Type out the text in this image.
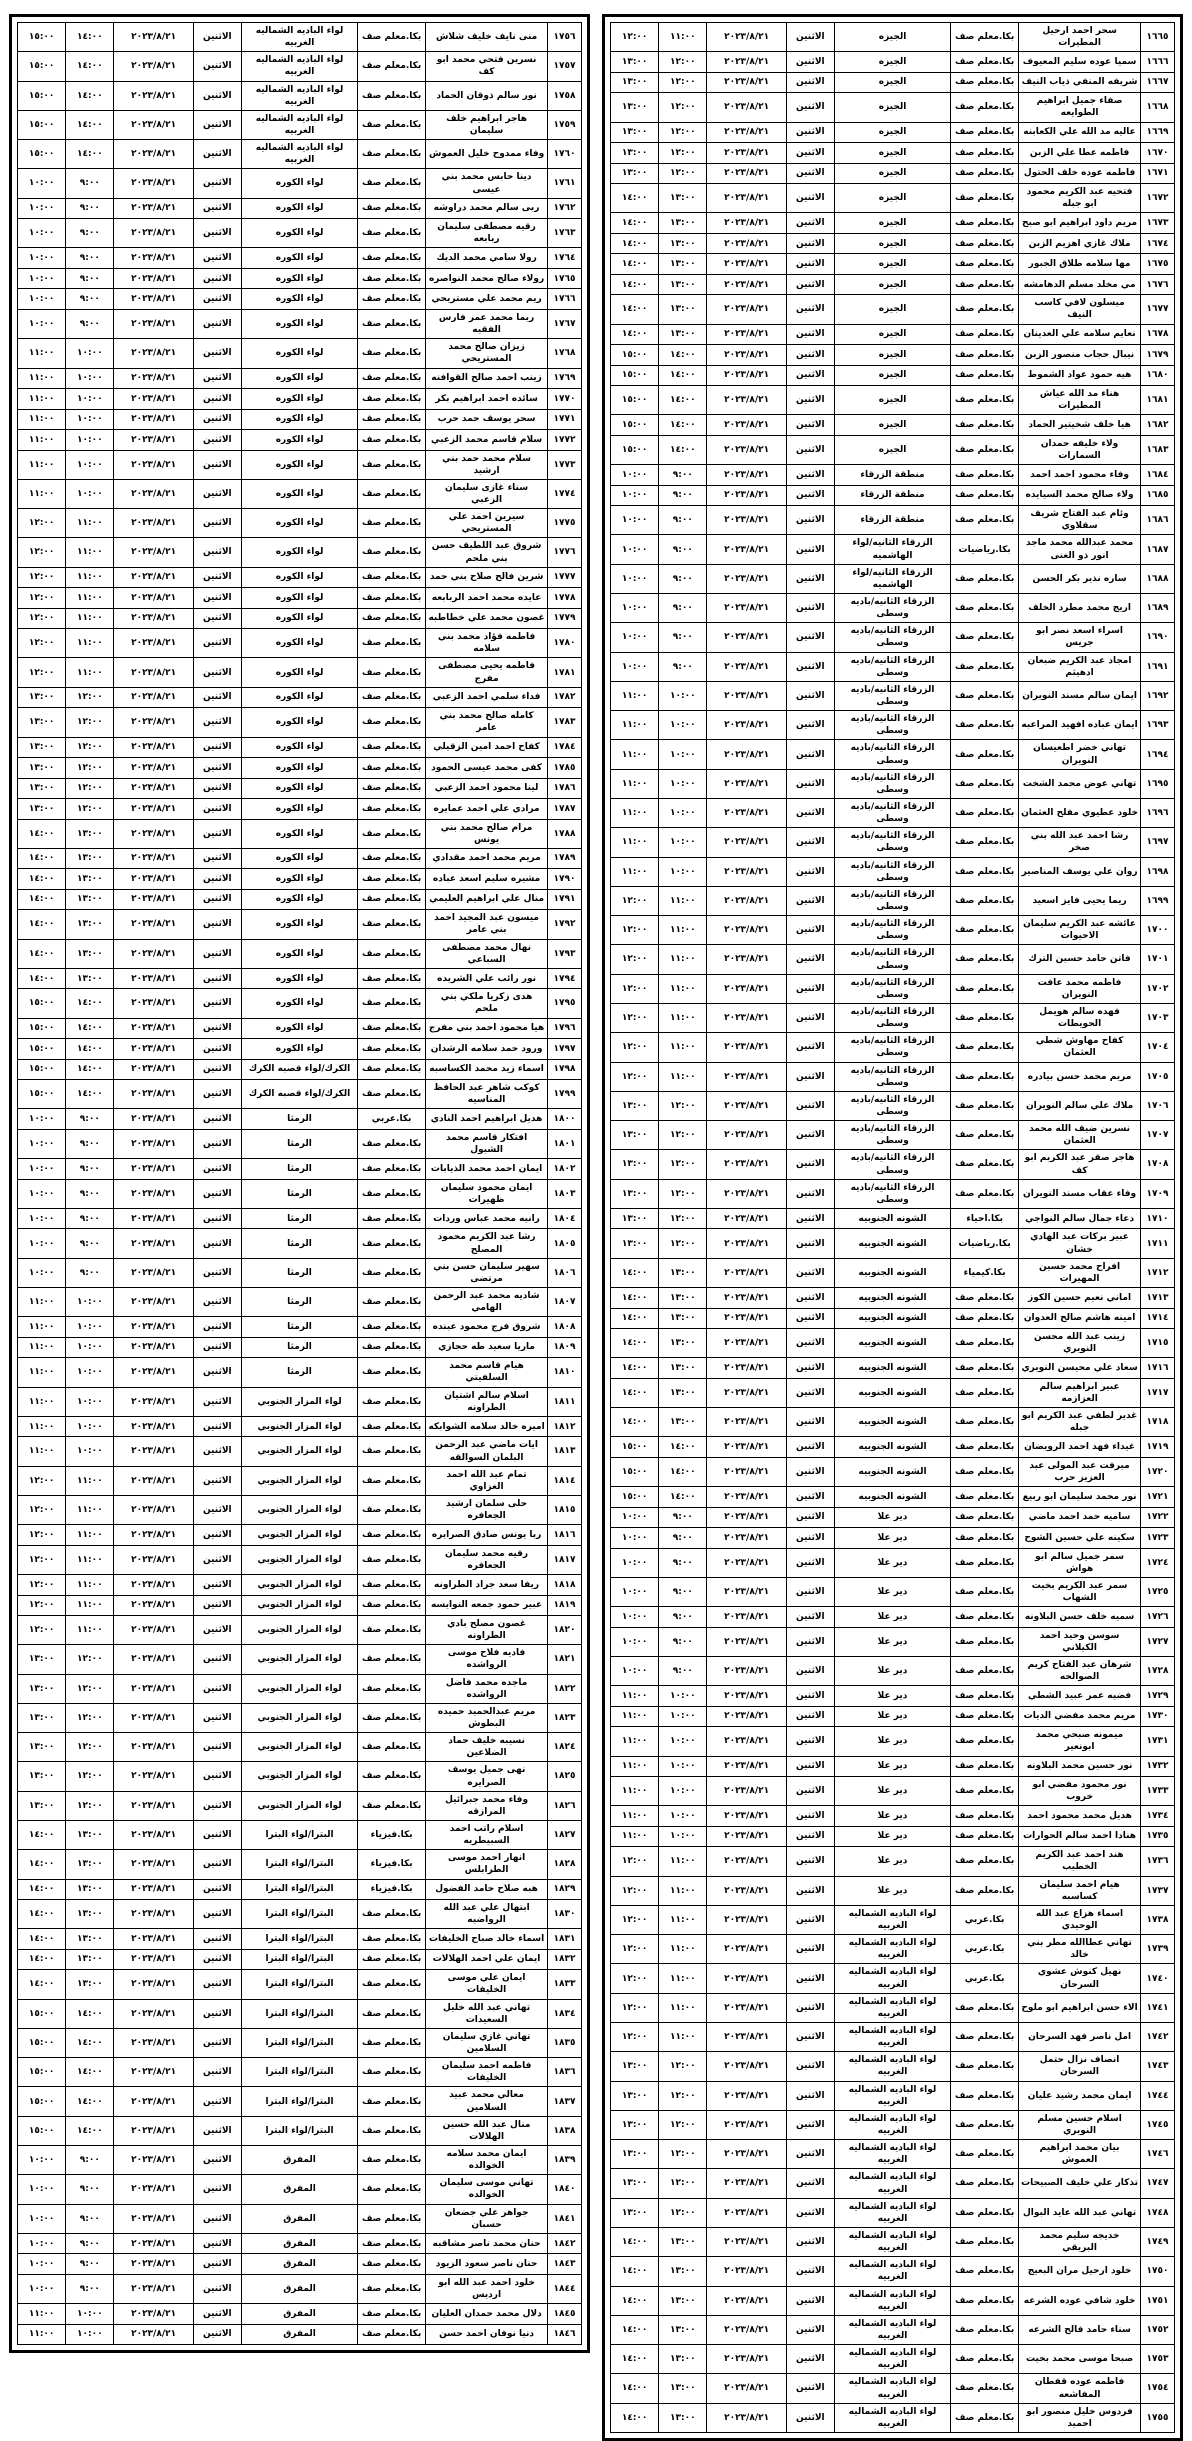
١٦٦٥	سحر احمد ارحيل المطيرات	بكا.معلم صف	الجيزه	الاثنين	٢٠٢٣/٨/٢١	١١:٠٠	١٢:٠٠
١٦٦٦	سميا عوده سليم المعيوف	بكا.معلم صف	الجيزه	الاثنين	٢٠٢٣/٨/٢١	١٢:٠٠	١٣:٠٠
١٦٦٧	شريفه المنفي ذياب النيف	بكا.معلم صف	الجيزه	الاثنين	٢٠٢٣/٨/٢١	١٢:٠٠	١٣:٠٠
١٦٦٨	صفاء جميل ابراهيم الطوايعه	بكا.معلم صف	الجيزه	الاثنين	٢٠٢٣/٨/٢١	١٢:٠٠	١٣:٠٠
١٦٦٩	عاليه مد الله علي الكعابنه	بكا.معلم صف	الجيزه	الاثنين	٢٠٢٣/٨/٢١	١٢:٠٠	١٣:٠٠
١٦٧٠	فاطمه عطا علي الزبن	بكا.معلم صف	الجيزه	الاثنين	٢٠٢٣/٨/٢١	١٢:٠٠	١٣:٠٠
١٦٧١	فاطمه عوده خلف الحتول	بكا.معلم صف	الجيزه	الاثنين	٢٠٢٣/٨/٢١	١٢:٠٠	١٣:٠٠
١٦٧٢	فتحيه عبد الكريم محمود ابو جبله	بكا.معلم صف	الجيزه	الاثنين	٢٠٢٣/٨/٢١	١٣:٠٠	١٤:٠٠
١٦٧٣	مريم داود ابراهيم ابو صبح	بكا.معلم صف	الجيزه	الاثنين	٢٠٢٣/٨/٢١	١٣:٠٠	١٤:٠٠
١٦٧٤	ملاك غازي اهزيم الزبن	بكا.معلم صف	الجيزه	الاثنين	٢٠٢٣/٨/٢١	١٣:٠٠	١٤:٠٠
١٦٧٥	مها سلامه طلاق الجبور	بكا.معلم صف	الجيزه	الاثنين	٢٠٢٣/٨/٢١	١٣:٠٠	١٤:٠٠
١٦٧٦	مي مخلد مسلم الدهامشه	بكا.معلم صف	الجيزه	الاثنين	٢٠٢٣/٨/٢١	١٣:٠٠	١٤:٠٠
١٦٧٧	ميسلون لافي كاسب النيف	بكا.معلم صف	الجيزه	الاثنين	٢٠٢٣/٨/٢١	١٣:٠٠	١٤:٠٠
١٦٧٨	نعايم سلامه علي العدينان	بكا.معلم صف	الجيزه	الاثنين	٢٠٢٣/٨/٢١	١٣:٠٠	١٤:٠٠
١٦٧٩	نيبال حجاب منصور الزبن	بكا.معلم صف	الجيزه	الاثنين	٢٠٢٣/٨/٢١	١٤:٠٠	١٥:٠٠
١٦٨٠	هيه حمود عواد الشموط	بكا.معلم صف	الجيزه	الاثنين	٢٠٢٣/٨/٢١	١٤:٠٠	١٥:٠٠
١٦٨١	هناء مد الله عياش المطيرات	بكا.معلم صف	الجيزه	الاثنين	٢٠٢٣/٨/٢١	١٤:٠٠	١٥:٠٠
١٦٨٢	هيا خلف شخيتير الحماد	بكا.معلم صف	الجيزه	الاثنين	٢٠٢٣/٨/٢١	١٤:٠٠	١٥:٠٠
١٦٨٣	ولاء خليفه حمدان السمارات	بكا.معلم صف	الجيزه	الاثنين	٢٠٢٣/٨/٢١	١٤:٠٠	١٥:٠٠
١٦٨٤	وفاء محمود احمد احمد	بكا.معلم صف	منطقة الزرقاء	الاثنين	٢٠٢٣/٨/٢١	٩:٠٠	١٠:٠٠
١٦٨٥	ولاء صالح محمد السيايده	بكا.معلم صف	منطقة الزرقاء	الاثنين	٢٠٢٣/٨/٢١	٩:٠٠	١٠:٠٠
١٦٨٦	وئام عبد الفتاح شريف سقلاوي	بكا.معلم صف	منطقة الزرقاء	الاثنين	٢٠٢٣/٨/٢١	٩:٠٠	١٠:٠٠
١٦٨٧	محمد عبدالله محمد ماجد انور ذو الغنى	بكا.رياضيات	الزرقاء الثانيه/لواء الهاشميه	الاثنين	٢٠٢٣/٨/٢١	٩:٠٠	١٠:٠٠
١٦٨٨	ساره نذير بكر الحسن	بكا.معلم صف	الزرقاء الثانيه/لواء الهاشميه	الاثنين	٢٠٢٣/٨/٢١	٩:٠٠	١٠:٠٠
١٦٨٩	اريج محمد مطرد الخلف	بكا.معلم صف	الزرقاء الثانيه/باديه وسطى	الاثنين	٢٠٢٣/٨/٢١	٩:٠٠	١٠:٠٠
١٦٩٠	اسراء اسعد نصر ابو جريس	بكا.معلم صف	الزرقاء الثانيه/باديه وسطى	الاثنين	٢٠٢٣/٨/٢١	٩:٠٠	١٠:٠٠
١٦٩١	امجاد عبد الكريم ضبعان ادهيثم	بكا.معلم صف	الزرقاء الثانيه/باديه وسطى	الاثنين	٢٠٢٣/٨/٢١	٩:٠٠	١٠:٠٠
١٦٩٢	ايمان سالم مسند النويران	بكا.معلم صف	الزرقاء الثانيه/باديه وسطى	الاثنين	٢٠٢٣/٨/٢١	١٠:٠٠	١١:٠٠
١٦٩٣	ايمان عباده افهيد المراعبه	بكا.معلم صف	الزرقاء الثانيه/باديه وسطى	الاثنين	٢٠٢٣/٨/٢١	١٠:٠٠	١١:٠٠
١٦٩٤	تهاني خضر اطعيسان النويران	بكا.معلم صف	الزرقاء الثانيه/باديه وسطى	الاثنين	٢٠٢٣/٨/٢١	١٠:٠٠	١١:٠٠
١٦٩٥	تهاني عوض محمد الشخت	بكا.معلم صف	الزرقاء الثانيه/باديه وسطى	الاثنين	٢٠٢٣/٨/٢١	١٠:٠٠	١١:٠٠
١٦٩٦	خلود عطيوي مفلح العثمان	بكا.معلم صف	الزرقاء الثانيه/باديه وسطى	الاثنين	٢٠٢٣/٨/٢١	١٠:٠٠	١١:٠٠
١٦٩٧	رشا احمد عبد الله بني صخر	بكا.معلم صف	الزرقاء الثانيه/باديه وسطى	الاثنين	٢٠٢٣/٨/٢١	١٠:٠٠	١١:٠٠
١٦٩٨	روان علي يوسف المناصير	بكا.معلم صف	الزرقاء الثانيه/باديه وسطى	الاثنين	٢٠٢٣/٨/٢١	١٠:٠٠	١١:٠٠
١٦٩٩	ريما يحيى فايز اسعيد	بكا.معلم صف	الزرقاء الثانيه/باديه وسطى	الاثنين	٢٠٢٣/٨/٢١	١١:٠٠	١٢:٠٠
١٧٠٠	عائشه عبد الكريم سليمان الاحيوات	بكا.معلم صف	الزرقاء الثانيه/باديه وسطى	الاثنين	٢٠٢٣/٨/٢١	١١:٠٠	١٢:٠٠
١٧٠١	فاتن حامد حسين الترك	بكا.معلم صف	الزرقاء الثانيه/باديه وسطى	الاثنين	٢٠٢٣/٨/٢١	١١:٠٠	١٢:٠٠
١٧٠٢	فاطمه محمد عافت النويران	بكا.معلم صف	الزرقاء الثانيه/باديه وسطى	الاثنين	٢٠٢٣/٨/٢١	١١:٠٠	١٢:٠٠
١٧٠٣	فهده سالم هويمل الحويطات	بكا.معلم صف	الزرقاء الثانيه/باديه وسطى	الاثنين	٢٠٢٣/٨/٢١	١١:٠٠	١٢:٠٠
١٧٠٤	كفاح مهاوش شطي العثمان	بكا.معلم صف	الزرقاء الثانيه/باديه وسطى	الاثنين	٢٠٢٣/٨/٢١	١١:٠٠	١٢:٠٠
١٧٠٥	مريم محمد حسن بيادره	بكا.معلم صف	الزرقاء الثانيه/باديه وسطى	الاثنين	٢٠٢٣/٨/٢١	١١:٠٠	١٢:٠٠
١٧٠٦	ملاك علي سالم النويران	بكا.معلم صف	الزرقاء الثانيه/باديه وسطى	الاثنين	٢٠٢٣/٨/٢١	١٢:٠٠	١٣:٠٠
١٧٠٧	نسرين ضيف الله محمد العثمان	بكا.معلم صف	الزرقاء الثانيه/باديه وسطى	الاثنين	٢٠٢٣/٨/٢١	١٢:٠٠	١٣:٠٠
١٧٠٨	هاجر صقر عبد الكريم ابو كف	بكا.معلم صف	الزرقاء الثانيه/باديه وسطى	الاثنين	٢٠٢٣/٨/٢١	١٢:٠٠	١٣:٠٠
١٧٠٩	وفاء عقاب مسند النويران	بكا.معلم صف	الزرقاء الثانيه/باديه وسطى	الاثنين	٢٠٢٣/٨/٢١	١٢:٠٠	١٣:٠٠
١٧١٠	دعاء جمال سالم النواجي	بكا.احياء	الشونه الجنوبيه	الاثنين	٢٠٢٣/٨/٢١	١٢:٠٠	١٣:٠٠
١٧١١	عبير بركات عبد الهادي خشان	بكا.رياضيات	الشونه الجنوبيه	الاثنين	٢٠٢٣/٨/٢١	١٢:٠٠	١٣:٠٠
١٧١٢	افراح محمد حسين المهيرات	بكا.كيمياء	الشونه الجنوبيه	الاثنين	٢٠٢٣/٨/٢١	١٣:٠٠	١٤:٠٠
١٧١٣	اماني نعيم حسين الكوز	بكا.معلم صف	الشونه الجنوبيه	الاثنين	٢٠٢٣/٨/٢١	١٣:٠٠	١٤:٠٠
١٧١٤	امينه هاشم صالح العدوان	بكا.معلم صف	الشونه الجنوبيه	الاثنين	٢٠٢٣/٨/٢١	١٣:٠٠	١٤:٠٠
١٧١٥	زينب عبد الله محسن النويري	بكا.معلم صف	الشونه الجنوبيه	الاثنين	٢٠٢٣/٨/٢١	١٣:٠٠	١٤:٠٠
١٧١٦	سعاد علي محيسن النويري	بكا.معلم صف	الشونه الجنوبيه	الاثنين	٢٠٢٣/٨/٢١	١٣:٠٠	١٤:٠٠
١٧١٧	عبير ابراهيم سالم العزازمه	بكا.معلم صف	الشونه الجنوبيه	الاثنين	٢٠٢٣/٨/٢١	١٣:٠٠	١٤:٠٠
١٧١٨	غدير لطفي عبد الكريم ابو جبله	بكا.معلم صف	الشونه الجنوبيه	الاثنين	٢٠٢٣/٨/٢١	١٣:٠٠	١٤:٠٠
١٧١٩	غيداء فهد احمد الرويضان	بكا.معلم صف	الشونه الجنوبيه	الاثنين	٢٠٢٣/٨/٢١	١٤:٠٠	١٥:٠٠
١٧٢٠	ميرفت عبد المولى عبد العزيز حرب	بكا.معلم صف	الشونه الجنوبيه	الاثنين	٢٠٢٣/٨/٢١	١٤:٠٠	١٥:٠٠
١٧٢١	نور محمد سليمان ابو ربيع	بكا.معلم صف	الشونه الجنوبيه	الاثنين	٢٠٢٣/٨/٢١	١٤:٠٠	١٥:٠٠
١٧٢٢	ساميه حمد احمد ماضي	بكا.معلم صف	دير علا	الاثنين	٢٠٢٣/٨/٢١	٩:٠٠	١٠:٠٠
١٧٢٣	سكينه علي حسين الشوح	بكا.معلم صف	دير علا	الاثنين	٢٠٢٣/٨/٢١	٩:٠٠	١٠:٠٠
١٧٢٤	سمر جميل سالم ابو هواش	بكا.معلم صف	دير علا	الاثنين	٢٠٢٣/٨/٢١	٩:٠٠	١٠:٠٠
١٧٢٥	سمر عبد الكريم بخيت الشهاب	بكا.معلم صف	دير علا	الاثنين	٢٠٢٣/٨/٢١	٩:٠٠	١٠:٠٠
١٧٢٦	سميه خلف حسن البلاونه	بكا.معلم صف	دير علا	الاثنين	٢٠٢٣/٨/٢١	٩:٠٠	١٠:٠٠
١٧٢٧	سوسن وحيد احمد الكيلاني	بكا.معلم صف	دير علا	الاثنين	٢٠٢٣/٨/٢١	٩:٠٠	١٠:٠٠
١٧٢٨	شرهان عبد الفتاح كريم الصوالحه	بكا.معلم صف	دير علا	الاثنين	٢٠٢٣/٨/٢١	٩:٠٠	١٠:٠٠
١٧٢٩	فضيه عمر عبيد الشطي	بكا.معلم صف	دير علا	الاثنين	٢٠٢٣/٨/٢١	١٠:٠٠	١١:٠٠
١٧٣٠	مريم محمد مفضي الديات	بكا.معلم صف	دير علا	الاثنين	٢٠٢٣/٨/٢١	١٠:٠٠	١١:٠٠
١٧٣١	ميمونه صبحي محمد ابونعير	بكا.معلم صف	دير علا	الاثنين	٢٠٢٣/٨/٢١	١٠:٠٠	١١:٠٠
١٧٣٢	نور حسين محمد البلاونه	بكا.معلم صف	دير علا	الاثنين	٢٠٢٣/٨/٢١	١٠:٠٠	١١:٠٠
١٧٣٣	نور محمود مفضي ابو خروب	بكا.معلم صف	دير علا	الاثنين	٢٠٢٣/٨/٢١	١٠:٠٠	١١:٠٠
١٧٣٤	هديل محمد محمود احمد	بكا.معلم صف	دير علا	الاثنين	٢٠٢٣/٨/٢١	١٠:٠٠	١١:٠٠
١٧٣٥	هنادا احمد سالم الحوارات	بكا.معلم صف	دير علا	الاثنين	٢٠٢٣/٨/٢١	١٠:٠٠	١١:٠٠
١٧٣٦	هند احمد عبد الكريم الخطيب	بكا.معلم صف	دير علا	الاثنين	٢٠٢٣/٨/٢١	١١:٠٠	١٢:٠٠
١٧٣٧	هيام احمد سليمان كساسبه	بكا.معلم صف	دير علا	الاثنين	٢٠٢٣/٨/٢١	١١:٠٠	١٢:٠٠
١٧٣٨	اسماء هزاع عبد الله الوحيدي	بكا.عربي	لواء الباديه الشماليه الغربيه	الاثنين	٢٠٢٣/٨/٢١	١١:٠٠	١٢:٠٠
١٧٣٩	تهاني عطاالله مطر بني خالد	بكا.عربي	لواء الباديه الشماليه الغربيه	الاثنين	٢٠٢٣/٨/٢١	١١:٠٠	١٢:٠٠
١٧٤٠	نهيل كنوش عشوي السرحان	بكا.عربي	لواء الباديه الشماليه الغربيه	الاثنين	٢٠٢٣/٨/٢١	١١:٠٠	١٢:٠٠
١٧٤١	الاء حسن ابراهيم ابو ملوح	بكا.معلم صف	لواء الباديه الشماليه الغربيه	الاثنين	٢٠٢٣/٨/٢١	١١:٠٠	١٢:٠٠
١٧٤٢	امل ناصر فهد السرحان	بكا.معلم صف	لواء الباديه الشماليه الغربيه	الاثنين	٢٠٢٣/٨/٢١	١١:٠٠	١٢:٠٠
١٧٤٣	انصاف نزال حتمل السرحان	بكا.معلم صف	لواء الباديه الشماليه الغربيه	الاثنين	٢٠٢٣/٨/٢١	١٢:٠٠	١٣:٠٠
١٧٤٤	ايمان محمد رشيد عليان	بكا.معلم صف	لواء الباديه الشماليه الغربيه	الاثنين	٢٠٢٣/٨/٢١	١٢:٠٠	١٣:٠٠
١٧٤٥	اسلام حسين مسلم النويري	بكا.معلم صف	لواء الباديه الشماليه الغربيه	الاثنين	٢٠٢٣/٨/٢١	١٢:٠٠	١٣:٠٠
١٧٤٦	بيان محمد ابراهيم العموش	بكا.معلم صف	لواء الباديه الشماليه الغربيه	الاثنين	٢٠٢٣/٨/٢١	١٢:٠٠	١٣:٠٠
١٧٤٧	تذكار علي خليف الصبيحات	بكا.معلم صف	لواء الباديه الشماليه الغربيه	الاثنين	٢٠٢٣/٨/٢١	١٢:٠٠	١٣:٠٠
١٧٤٨	تهاني عبد الله عايد البوال	بكا.معلم صف	لواء الباديه الشماليه الغربيه	الاثنين	٢٠٢٣/٨/٢١	١٢:٠٠	١٣:٠٠
١٧٤٩	خديجه سليم محمد البريقي	بكا.معلم صف	لواء الباديه الشماليه الغربيه	الاثنين	٢٠٢٣/٨/٢١	١٣:٠٠	١٤:٠٠
١٧٥٠	خلود ارحيل مران البعيج	بكا.معلم صف	لواء الباديه الشماليه الغربيه	الاثنين	٢٠٢٣/٨/٢١	١٣:٠٠	١٤:٠٠
١٧٥١	خلود شافي عوده الشرعه	بكا.معلم صف	لواء الباديه الشماليه الغربيه	الاثنين	٢٠٢٣/٨/٢١	١٣:٠٠	١٤:٠٠
١٧٥٢	سناء حامد فالح الشرعه	بكا.معلم صف	لواء الباديه الشماليه الغربيه	الاثنين	٢٠٢٣/٨/٢١	١٣:٠٠	١٤:٠٠
١٧٥٣	صبحا موسى محمد بخيت	بكا.معلم صف	لواء الباديه الشماليه الغربيه	الاثنين	٢٠٢٣/٨/٢١	١٣:٠٠	١٤:٠٠
١٧٥٤	فاطمه عوده قفطان المفاشعه	بكا.معلم صف	لواء الباديه الشماليه الغربيه	الاثنين	٢٠٢٣/٨/٢١	١٣:٠٠	١٤:٠٠
١٧٥٥	فردوس خليل منصور ابو احميد	بكا.معلم صف	لواء الباديه الشماليه الغربيه	الاثنين	٢٠٢٣/٨/٢١	١٣:٠٠	١٤:٠٠
١٧٥٦	منى نايف خليف شلاش	بكا.معلم صف	لواء الباديه الشماليه الغربيه	الاثنين	٢٠٢٣/٨/٢١	١٤:٠٠	١٥:٠٠
١٧٥٧	نسرين فتحي محمد ابو كف	بكا.معلم صف	لواء الباديه الشماليه الغربيه	الاثنين	٢٠٢٣/٨/٢١	١٤:٠٠	١٥:٠٠
١٧٥٨	نور سالم ذوقان الحماد	بكا.معلم صف	لواء الباديه الشماليه الغربيه	الاثنين	٢٠٢٣/٨/٢١	١٤:٠٠	١٥:٠٠
١٧٥٩	هاجر ابراهيم خلف سليمان	بكا.معلم صف	لواء الباديه الشماليه الغربيه	الاثنين	٢٠٢٣/٨/٢١	١٤:٠٠	١٥:٠٠
١٧٦٠	وفاء ممدوح خليل العموش	بكا.معلم صف	لواء الباديه الشماليه الغربيه	الاثنين	٢٠٢٣/٨/٢١	١٤:٠٠	١٥:٠٠
١٧٦١	دينا حابس محمد بني عيسى	بكا.معلم صف	لواء الكوره	الاثنين	٢٠٢٣/٨/٢١	٩:٠٠	١٠:٠٠
١٧٦٢	ربى سالم محمد دراوشه	بكا.معلم صف	لواء الكوره	الاثنين	٢٠٢٣/٨/٢١	٩:٠٠	١٠:٠٠
١٧٦٣	رقيه مصطفى سليمان ربابعه	بكا.معلم صف	لواء الكوره	الاثنين	٢٠٢٣/٨/٢١	٩:٠٠	١٠:٠٠
١٧٦٤	رولا سامي محمد الديك	بكا.معلم صف	لواء الكوره	الاثنين	٢٠٢٣/٨/٢١	٩:٠٠	١٠:٠٠
١٧٦٥	رولاء صالح محمد النواصره	بكا.معلم صف	لواء الكوره	الاثنين	٢٠٢٣/٨/٢١	٩:٠٠	١٠:٠٠
١٧٦٦	ريم محمد علي مستريحي	بكا.معلم صف	لواء الكوره	الاثنين	٢٠٢٣/٨/٢١	٩:٠٠	١٠:٠٠
١٧٦٧	ريما محمد عمر فارس الفقيه	بكا.معلم صف	لواء الكوره	الاثنين	٢٠٢٣/٨/٢١	٩:٠٠	١٠:٠٠
١٧٦٨	زيزان صالح محمد المستريحي	بكا.معلم صف	لواء الكوره	الاثنين	٢٠٢٣/٨/٢١	١٠:٠٠	١١:٠٠
١٧٦٩	زينب احمد صالح القوافنه	بكا.معلم صف	لواء الكوره	الاثنين	٢٠٢٣/٨/٢١	١٠:٠٠	١١:٠٠
١٧٧٠	سائده احمد ابراهيم بكر	بكا.معلم صف	لواء الكوره	الاثنين	٢٠٢٣/٨/٢١	١٠:٠٠	١١:٠٠
١٧٧١	سحر يوسف حمد حرب	بكا.معلم صف	لواء الكوره	الاثنين	٢٠٢٣/٨/٢١	١٠:٠٠	١١:٠٠
١٧٧٢	سلام قاسم محمد الزعبي	بكا.معلم صف	لواء الكوره	الاثنين	٢٠٢٣/٨/٢١	١٠:٠٠	١١:٠٠
١٧٧٣	سلام محمد حمد بني ارشيد	بكا.معلم صف	لواء الكوره	الاثنين	٢٠٢٣/٨/٢١	١٠:٠٠	١١:٠٠
١٧٧٤	سناء غازى سليمان الزعبي	بكا.معلم صف	لواء الكوره	الاثنين	٢٠٢٣/٨/٢١	١٠:٠٠	١١:٠٠
١٧٧٥	سيرين احمد علي المستريحي	بكا.معلم صف	لواء الكوره	الاثنين	٢٠٢٣/٨/٢١	١١:٠٠	١٢:٠٠
١٧٧٦	شروق عبد اللطيف حسن بني ملحم	بكا.معلم صف	لواء الكوره	الاثنين	٢٠٢٣/٨/٢١	١١:٠٠	١٢:٠٠
١٧٧٧	شرين فالح صلاح بني حمد	بكا.معلم صف	لواء الكوره	الاثنين	٢٠٢٣/٨/٢١	١١:٠٠	١٢:٠٠
١٧٧٨	عايده محمد احمد الربابعه	بكا.معلم صف	لواء الكوره	الاثنين	٢٠٢٣/٨/٢١	١١:٠٠	١٢:٠٠
١٧٧٩	غصون محمد علي خطاطبه	بكا.معلم صف	لواء الكوره	الاثنين	٢٠٢٣/٨/٢١	١١:٠٠	١٢:٠٠
١٧٨٠	فاطمه فؤاد محمد بني سلامه	بكا.معلم صف	لواء الكوره	الاثنين	٢٠٢٣/٨/٢١	١١:٠٠	١٢:٠٠
١٧٨١	فاطمه يحيى مصطفى مفرج	بكا.معلم صف	لواء الكوره	الاثنين	٢٠٢٣/٨/٢١	١١:٠٠	١٢:٠٠
١٧٨٢	فداء سلمي احمد الزعبي	بكا.معلم صف	لواء الكوره	الاثنين	٢٠٢٣/٨/٢١	١٢:٠٠	١٣:٠٠
١٧٨٣	كامله صالح محمد بني عامر	بكا.معلم صف	لواء الكوره	الاثنين	٢٠٢٣/٨/٢١	١٢:٠٠	١٣:٠٠
١٧٨٤	كفاح احمد امين الزقيلي	بكا.معلم صف	لواء الكوره	الاثنين	٢٠٢٣/٨/٢١	١٢:٠٠	١٣:٠٠
١٧٨٥	كفى محمد عيسى الحمود	بكا.معلم صف	لواء الكوره	الاثنين	٢٠٢٣/٨/٢١	١٢:٠٠	١٣:٠٠
١٧٨٦	لينا محمود احمد الزعبي	بكا.معلم صف	لواء الكوره	الاثنين	٢٠٢٣/٨/٢١	١٢:٠٠	١٣:٠٠
١٧٨٧	مرادي علي احمد عمايره	بكا.معلم صف	لواء الكوره	الاثنين	٢٠٢٣/٨/٢١	١٢:٠٠	١٣:٠٠
١٧٨٨	مرام صالح محمد بني يونس	بكا.معلم صف	لواء الكوره	الاثنين	٢٠٢٣/٨/٢١	١٣:٠٠	١٤:٠٠
١٧٨٩	مريم محمد احمد مقدادي	بكا.معلم صف	لواء الكوره	الاثنين	٢٠٢٣/٨/٢١	١٣:٠٠	١٤:٠٠
١٧٩٠	مشيره سليم اسعد عباده	بكا.معلم صف	لواء الكوره	الاثنين	٢٠٢٣/٨/٢١	١٣:٠٠	١٤:٠٠
١٧٩١	منال علي ابراهيم العليمي	بكا.معلم صف	لواء الكوره	الاثنين	٢٠٢٣/٨/٢١	١٣:٠٠	١٤:٠٠
١٧٩٢	ميسون عبد المجيد احمد بني عامر	بكا.معلم صف	لواء الكوره	الاثنين	٢٠٢٣/٨/٢١	١٣:٠٠	١٤:٠٠
١٧٩٣	نهال محمد مصطفى السباعي	بكا.معلم صف	لواء الكوره	الاثنين	٢٠٢٣/٨/٢١	١٣:٠٠	١٤:٠٠
١٧٩٤	نور رائب علي الشريده	بكا.معلم صف	لواء الكوره	الاثنين	٢٠٢٣/٨/٢١	١٣:٠٠	١٤:٠٠
١٧٩٥	هدى زكريا ملكي بني ملحم	بكا.معلم صف	لواء الكوره	الاثنين	٢٠٢٣/٨/٢١	١٤:٠٠	١٥:٠٠
١٧٩٦	هيا محمود احمد بني مفرج	بكا.معلم صف	لواء الكوره	الاثنين	٢٠٢٣/٨/٢١	١٤:٠٠	١٥:٠٠
١٧٩٧	ورود حمد سلامه الرشدان	بكا.معلم صف	لواء الكوره	الاثنين	٢٠٢٣/٨/٢١	١٤:٠٠	١٥:٠٠
١٧٩٨	اسماء زيد محمد الكساسبه	بكا.معلم صف	الكرك/لواء قصبه الكرك	الاثنين	٢٠٢٣/٨/٢١	١٤:٠٠	١٥:٠٠
١٧٩٩	كوكب شاهر عبد الحافظ المناسيه	بكا.معلم صف	الكرك/لواء قصبه الكرك	الاثنين	٢٠٢٣/٨/٢١	١٤:٠٠	١٥:٠٠
١٨٠٠	هديل ابراهيم احمد النادي	بكا.عربي	الرمثا	الاثنين	٢٠٢٣/٨/٢١	٩:٠٠	١٠:٠٠
١٨٠١	افتكار قاسم محمد الشبول	بكا.معلم صف	الرمثا	الاثنين	٢٠٢٣/٨/٢١	٩:٠٠	١٠:٠٠
١٨٠٢	ايمان احمد محمد الذيابات	بكا.معلم صف	الرمثا	الاثنين	٢٠٢٣/٨/٢١	٩:٠٠	١٠:٠٠
١٨٠٣	ايمان محمود سليمان ظهيرات	بكا.معلم صف	الرمثا	الاثنين	٢٠٢٣/٨/٢١	٩:٠٠	١٠:٠٠
١٨٠٤	رانيه محمد عباس وردات	بكا.معلم صف	الرمثا	الاثنين	٢٠٢٣/٨/٢١	٩:٠٠	١٠:٠٠
١٨٠٥	رشا عبد الكريم محمود المصلح	بكا.معلم صف	الرمثا	الاثنين	٢٠٢٣/٨/٢١	٩:٠٠	١٠:٠٠
١٨٠٦	سهير سليمان حسن بني مرتضى	بكا.معلم صف	الرمثا	الاثنين	٢٠٢٣/٨/٢١	٩:٠٠	١٠:٠٠
١٨٠٧	شاديه محمد عبد الرحمن الهامي	بكا.معلم صف	الرمثا	الاثنين	٢٠٢٣/٨/٢١	١٠:٠٠	١١:٠٠
١٨٠٨	شروق فرج محمود عبنده	بكا.معلم صف	الرمثا	الاثنين	٢٠٢٣/٨/٢١	١٠:٠٠	١١:٠٠
١٨٠٩	ماريا سعيد طه حجازي	بكا.معلم صف	الرمثا	الاثنين	٢٠٢٣/٨/٢١	١٠:٠٠	١١:٠٠
١٨١٠	هيام قاسم محمد السلفيتي	بكا.معلم صف	الرمثا	الاثنين	٢٠٢٣/٨/٢١	١٠:٠٠	١١:٠٠
١٨١١	اسلام سالم اشتيان الطراونه	بكا.معلم صف	لواء المزار الجنوبي	الاثنين	٢٠٢٣/٨/٢١	١٠:٠٠	١١:٠٠
١٨١٢	اميره خالد سلامه الشوابكه	بكا.معلم صف	لواء المزار الجنوبي	الاثنين	٢٠٢٣/٨/٢١	١٠:٠٠	١١:٠٠
١٨١٣	ايات ماضي عبد الرحمن البلمان السوالقه	بكا.معلم صف	لواء المزار الجنوبي	الاثنين	٢٠٢٣/٨/٢١	١٠:٠٠	١١:٠٠
١٨١٤	تمام عبد الله احمد الغزاوي	بكا.معلم صف	لواء المزار الجنوبي	الاثنين	٢٠٢٣/٨/٢١	١١:٠٠	١٢:٠٠
١٨١٥	حلى سلمان ارشيد الجعافره	بكا.معلم صف	لواء المزار الجنوبي	الاثنين	٢٠٢٣/٨/٢١	١١:٠٠	١٢:٠٠
١٨١٦	ربا يونس صادق الصرايره	بكا.معلم صف	لواء المزار الجنوبي	الاثنين	٢٠٢٣/٨/٢١	١١:٠٠	١٢:٠٠
١٨١٧	رقيه محمد سليمان الجعافره	بكا.معلم صف	لواء المزار الجنوبي	الاثنين	٢٠٢٣/٨/٢١	١١:٠٠	١٢:٠٠
١٨١٨	ريفا سعد جراد الطراونه	بكا.معلم صف	لواء المزار الجنوبي	الاثنين	٢٠٢٣/٨/٢١	١١:٠٠	١٢:٠٠
١٨١٩	عبير حمود جمعه النوايسه	بكا.معلم صف	لواء المزار الجنوبي	الاثنين	٢٠٢٣/٨/٢١	١١:٠٠	١٢:٠٠
١٨٢٠	غصون مصلح بادي الطراونه	بكا.معلم صف	لواء المزار الجنوبي	الاثنين	٢٠٢٣/٨/٢١	١١:٠٠	١٢:٠٠
١٨٢١	فاديه فلاح موسى الرواشده	بكا.معلم صف	لواء المزار الجنوبي	الاثنين	٢٠٢٣/٨/٢١	١٢:٠٠	١٣:٠٠
١٨٢٢	ماجده محمد فاضل الرواشده	بكا.معلم صف	لواء المزار الجنوبي	الاثنين	٢٠٢٣/٨/٢١	١٢:٠٠	١٣:٠٠
١٨٢٣	مريم عبدالحميد حميده البطوش	بكا.معلم صف	لواء المزار الجنوبي	الاثنين	٢٠٢٣/٨/٢١	١٢:٠٠	١٣:٠٠
١٨٢٤	نسيبه خليف حماد الضلاعين	بكا.معلم صف	لواء المزار الجنوبي	الاثنين	٢٠٢٣/٨/٢١	١٢:٠٠	١٣:٠٠
١٨٢٥	نهى جميل يوسف الصرايره	بكا.معلم صف	لواء المزار الجنوبي	الاثنين	٢٠٢٣/٨/٢١	١٢:٠٠	١٣:٠٠
١٨٢٦	وفاء محمد جبرائيل المرازقه	بكا.معلم صف	لواء المزار الجنوبي	الاثنين	٢٠٢٣/٨/٢١	١٢:٠٠	١٣:٠٠
١٨٢٧	اسلام راتب احمد السبيطريه	بكا.فيزياء	البترا/لواء البترا	الاثنين	٢٠٢٣/٨/٢١	١٣:٠٠	١٤:٠٠
١٨٢٨	انهار احمد موسى الطرابلس	بكا.فيزياء	البترا/لواء البترا	الاثنين	٢٠٢٣/٨/٢١	١٣:٠٠	١٤:٠٠
١٨٢٩	هبه صلاح حامد الفضول	بكا.فيزياء	البترا/لواء البترا	الاثنين	٢٠٢٣/٨/٢١	١٣:٠٠	١٤:٠٠
١٨٣٠	ابتهال علي عبد الله الرواضيه	بكا.معلم صف	البترا/لواء البترا	الاثنين	٢٠٢٣/٨/٢١	١٣:٠٠	١٤:٠٠
١٨٣١	اسماء خالد صباح الخليفات	بكا.معلم صف	البترا/لواء البترا	الاثنين	٢٠٢٣/٨/٢١	١٣:٠٠	١٤:٠٠
١٨٣٢	ايمان علي احمد الهلالات	بكا.معلم صف	البترا/لواء البترا	الاثنين	٢٠٢٣/٨/٢١	١٣:٠٠	١٤:٠٠
١٨٣٣	ايمان علي موسى الخليفات	بكا.معلم صف	البترا/لواء البترا	الاثنين	٢٠٢٣/٨/٢١	١٣:٠٠	١٤:٠٠
١٨٣٤	تهاني عبد الله خليل السعيدات	بكا.معلم صف	البترا/لواء البترا	الاثنين	٢٠٢٣/٨/٢١	١٤:٠٠	١٥:٠٠
١٨٣٥	تهاني غازي سليمان السلامين	بكا.معلم صف	البترا/لواء البترا	الاثنين	٢٠٢٣/٨/٢١	١٤:٠٠	١٥:٠٠
١٨٣٦	فاطمه احمد سليمان الخليفات	بكا.معلم صف	البترا/لواء البترا	الاثنين	٢٠٢٣/٨/٢١	١٤:٠٠	١٥:٠٠
١٨٣٧	معالي محمد عبيد السلامين	بكا.معلم صف	البترا/لواء البترا	الاثنين	٢٠٢٣/٨/٢١	١٤:٠٠	١٥:٠٠
١٨٣٨	منال عبد الله حسين الهلالات	بكا.معلم صف	البترا/لواء البترا	الاثنين	٢٠٢٣/٨/٢١	١٤:٠٠	١٥:٠٠
١٨٣٩	ايمان محمد سلامه الخوالده	بكا.معلم صف	المفرق	الاثنين	٢٠٢٣/٨/٢١	٩:٠٠	١٠:٠٠
١٨٤٠	تهاني موسى سليمان الخوالده	بكا.معلم صف	المفرق	الاثنين	٢٠٢٣/٨/٢١	٩:٠٠	١٠:٠٠
١٨٤١	جواهر علي جضعان حسبان	بكا.معلم صف	المفرق	الاثنين	٢٠٢٣/٨/٢١	٩:٠٠	١٠:٠٠
١٨٤٢	حنان محمد ناصر مشاقبه	بكا.معلم صف	المفرق	الاثنين	٢٠٢٣/٨/٢١	٩:٠٠	١٠:٠٠
١٨٤٣	حنان ناصر سعود الزيود	بكا.معلم صف	المفرق	الاثنين	٢٠٢٣/٨/٢١	٩:٠٠	١٠:٠٠
١٨٤٤	خلود احمد عبد الله ابو ارديس	بكا.معلم صف	المفرق	الاثنين	٢٠٢٣/٨/٢١	٩:٠٠	١٠:٠٠
١٨٤٥	دلال محمد حمدان العليان	بكا.معلم صف	المفرق	الاثنين	٢٠٢٣/٨/٢١	١٠:٠٠	١١:٠٠
١٨٤٦	دنيا نوفان احمد حسن	بكا.معلم صف	المفرق	الاثنين	٢٠٢٣/٨/٢١	١٠:٠٠	١١:٠٠
